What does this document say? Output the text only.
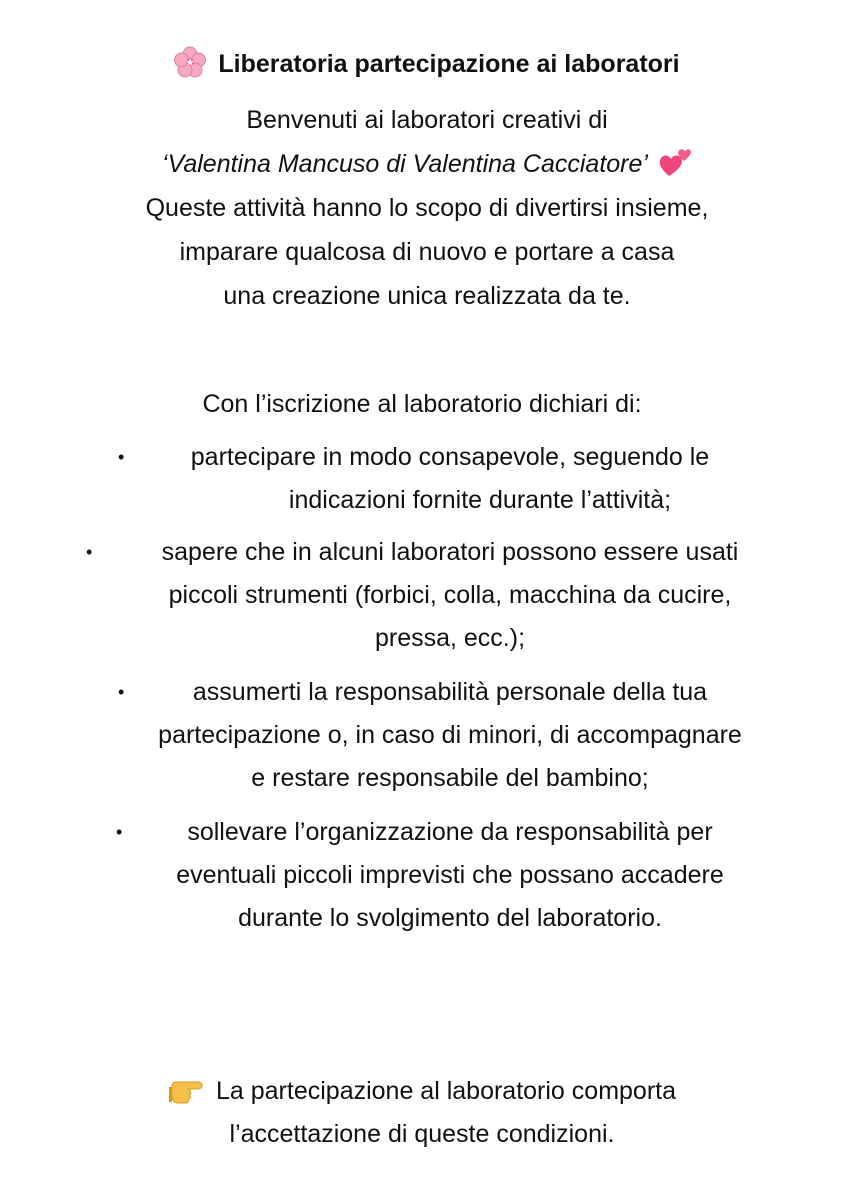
Liberatoria partecipazione ai laboratori
Benvenuti ai laboratori creativi di
‘Valentina Mancuso di Valentina Cacciatore’
Queste attività hanno lo scopo di divertirsi insieme,
imparare qualcosa di nuovo e portare a casa
una creazione unica realizzata da te.
Con l’iscrizione al laboratorio dichiari di:
•	partecipare in modo consapevole, seguendo le
indicazioni fornite durante l’attività;
•	sapere che in alcuni laboratori possono essere usati
piccoli strumenti (forbici, colla, macchina da cucire,
pressa, ecc.);
•	assumerti la responsabilità personale della tua
partecipazione o, in caso di minori, di accompagnare
e restare responsabile del bambino;
•	sollevare l’organizzazione da responsabilità per
eventuali piccoli imprevisti che possano accadere
durante lo svolgimento del laboratorio.
La partecipazione al laboratorio comporta
l’accettazione di queste condizioni.
